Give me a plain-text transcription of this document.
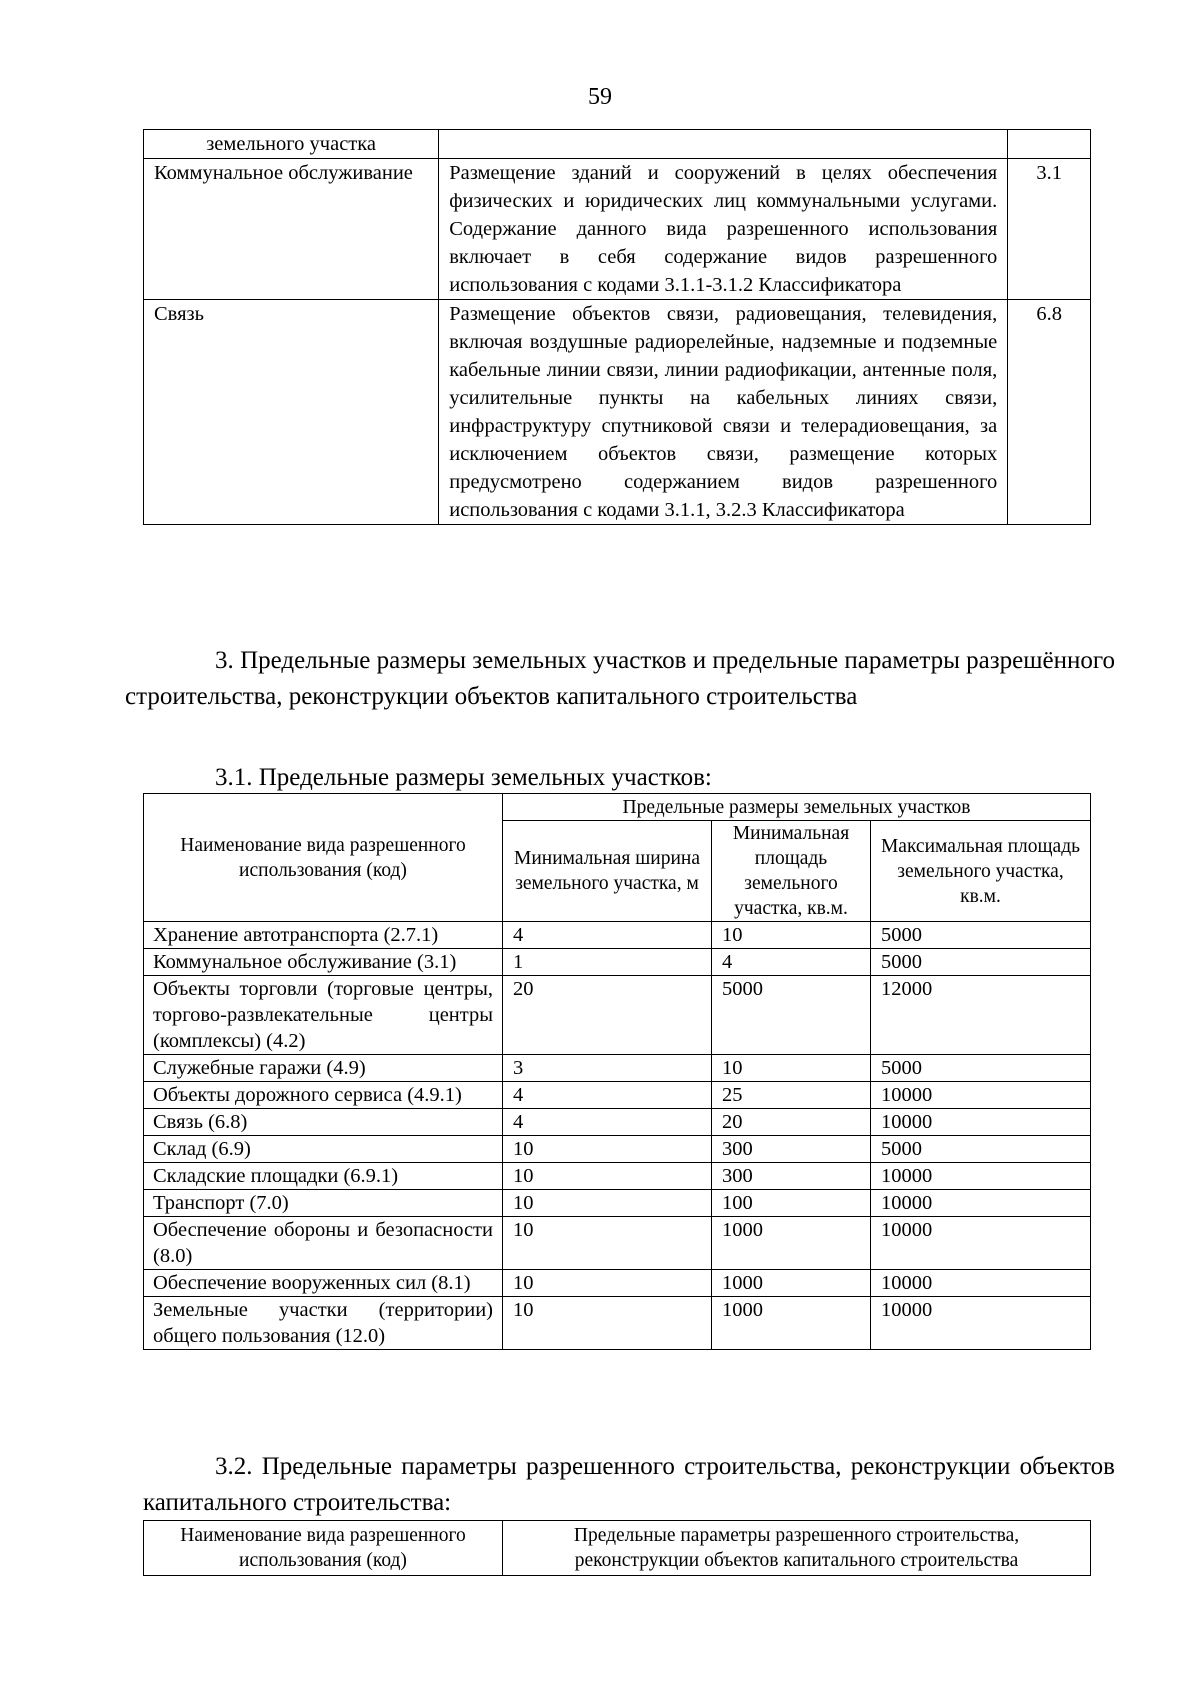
59
земельного участка		
Коммунальное обслуживание	Размещение зданий и сооружений в целях обеспечения физических и юридических лиц коммунальными услугами. Содержание данного вида разрешенного использования включает в себя содержание видов разрешенного использования с кодами 3.1.1-3.1.2 Классификатора	3.1
Связь	Размещение объектов связи, радиовещания, телевидения, включая воздушные радиорелейные, надземные и подземные кабельные линии связи, линии радиофикации, антенные поля, усилительные пункты на кабельных линиях связи, инфраструктуру спутниковой связи и телерадиовещания, за исключением объектов связи, размещение которых предусмотрено содержанием видов разрешенного использования с кодами 3.1.1, 3.2.3 Классификатора	6.8
3. Предельные размеры земельных участков и предельные параметры разрешённого строительства, реконструкции объектов капитального строительства
3.1. Предельные размеры земельных участков:
Наименование вида разрешенного использования (код)	Предельные размеры земельных участков		
	Минимальная ширина земельного участка, м	Минимальная площадь земельного участка, кв.м.	Максимальная площадь земельного участка, кв.м.
Хранение автотранспорта (2.7.1)	4	10	5000
Коммунальное обслуживание (3.1)	1	4	5000
Объекты торговли (торговые центры, торгово-развлекательные центры (комплексы) (4.2)	20	5000	12000
Служебные гаражи (4.9)	3	10	5000
Объекты дорожного сервиса (4.9.1)	4	25	10000
Связь (6.8)	4	20	10000
Склад (6.9)	10	300	5000
Складские площадки (6.9.1)	10	300	10000
Транспорт (7.0)	10	100	10000
Обеспечение обороны и безопасности (8.0)	10	1000	10000
Обеспечение вооруженных сил (8.1)	10	1000	10000
Земельные участки (территории) общего пользования (12.0)	10	1000	10000
3.2. Предельные параметры разрешенного строительства, реконструкции объектов капитального строительства:
Наименование вида разрешенного использования (код)	Предельные параметры разрешенного строительства, реконструкции объектов капитального строительства
